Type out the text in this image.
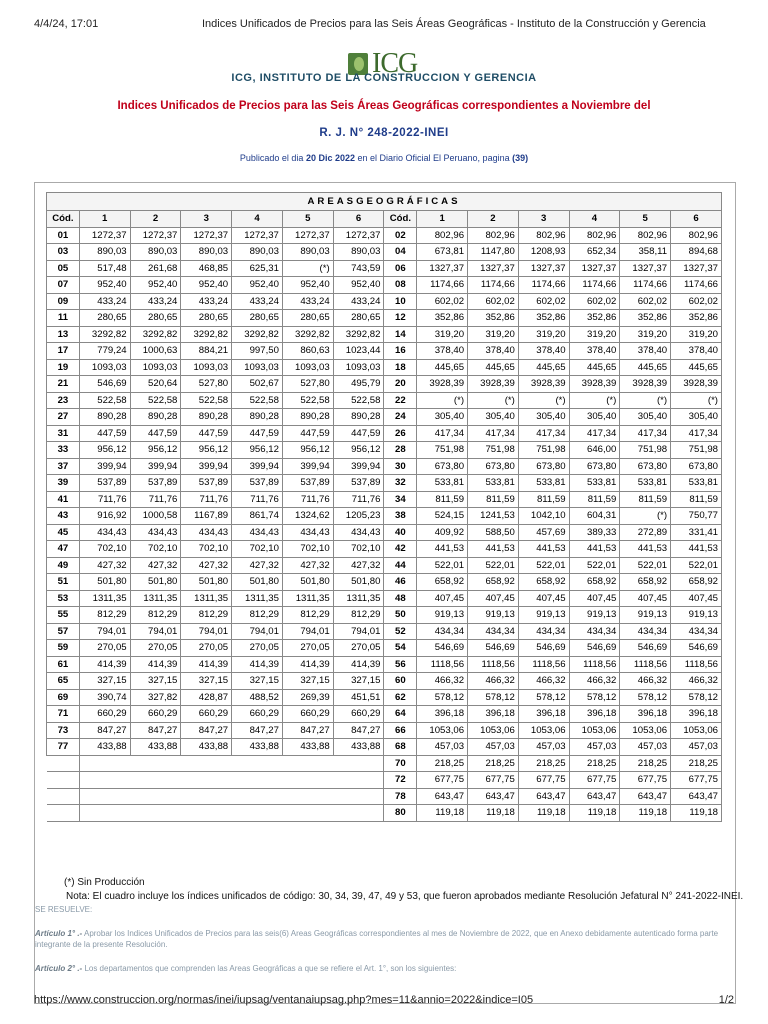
4/4/24, 17:01	Indices Unificados de Precios para las Seis Áreas Geográficas - Instituto de la Construcción y Gerencia
ICG
ICG, INSTITUTO DE LA CONSTRUCCION Y GERENCIA
Indices Unificados de Precios para las Seis Áreas Geográficas correspondientes a Noviembre del
R. J. N° 248-2022-INEI
Publicado el dia 20 Dic 2022 en el Diario Oficial El Peruano, pagina (39)
AREASGEOGRÁFICAS													
Cód.	1	2	3	4	5	6	Cód.	1	2	3	4	5	6
01	1272,37	1272,37	1272,37	1272,37	1272,37	1272,37	02	802,96	802,96	802,96	802,96	802,96	802,96
03	890,03	890,03	890,03	890,03	890,03	890,03	04	673,81	1147,80	1208,93	652,34	358,11	894,68
05	517,48	261,68	468,85	625,31	(*)	743,59	06	1327,37	1327,37	1327,37	1327,37	1327,37	1327,37
07	952,40	952,40	952,40	952,40	952,40	952,40	08	1174,66	1174,66	1174,66	1174,66	1174,66	1174,66
09	433,24	433,24	433,24	433,24	433,24	433,24	10	602,02	602,02	602,02	602,02	602,02	602,02
11	280,65	280,65	280,65	280,65	280,65	280,65	12	352,86	352,86	352,86	352,86	352,86	352,86
13	3292,82	3292,82	3292,82	3292,82	3292,82	3292,82	14	319,20	319,20	319,20	319,20	319,20	319,20
17	779,24	1000,63	884,21	997,50	860,63	1023,44	16	378,40	378,40	378,40	378,40	378,40	378,40
19	1093,03	1093,03	1093,03	1093,03	1093,03	1093,03	18	445,65	445,65	445,65	445,65	445,65	445,65
21	546,69	520,64	527,80	502,67	527,80	495,79	20	3928,39	3928,39	3928,39	3928,39	3928,39	3928,39
23	522,58	522,58	522,58	522,58	522,58	522,58	22	(*)	(*)	(*)	(*)	(*)	(*)
27	890,28	890,28	890,28	890,28	890,28	890,28	24	305,40	305,40	305,40	305,40	305,40	305,40
31	447,59	447,59	447,59	447,59	447,59	447,59	26	417,34	417,34	417,34	417,34	417,34	417,34
33	956,12	956,12	956,12	956,12	956,12	956,12	28	751,98	751,98	751,98	646,00	751,98	751,98
37	399,94	399,94	399,94	399,94	399,94	399,94	30	673,80	673,80	673,80	673,80	673,80	673,80
39	537,89	537,89	537,89	537,89	537,89	537,89	32	533,81	533,81	533,81	533,81	533,81	533,81
41	711,76	711,76	711,76	711,76	711,76	711,76	34	811,59	811,59	811,59	811,59	811,59	811,59
43	916,92	1000,58	1167,89	861,74	1324,62	1205,23	38	524,15	1241,53	1042,10	604,31	(*)	750,77
45	434,43	434,43	434,43	434,43	434,43	434,43	40	409,92	588,50	457,69	389,33	272,89	331,41
47	702,10	702,10	702,10	702,10	702,10	702,10	42	441,53	441,53	441,53	441,53	441,53	441,53
49	427,32	427,32	427,32	427,32	427,32	427,32	44	522,01	522,01	522,01	522,01	522,01	522,01
51	501,80	501,80	501,80	501,80	501,80	501,80	46	658,92	658,92	658,92	658,92	658,92	658,92
53	1311,35	1311,35	1311,35	1311,35	1311,35	1311,35	48	407,45	407,45	407,45	407,45	407,45	407,45
55	812,29	812,29	812,29	812,29	812,29	812,29	50	919,13	919,13	919,13	919,13	919,13	919,13
57	794,01	794,01	794,01	794,01	794,01	794,01	52	434,34	434,34	434,34	434,34	434,34	434,34
59	270,05	270,05	270,05	270,05	270,05	270,05	54	546,69	546,69	546,69	546,69	546,69	546,69
61	414,39	414,39	414,39	414,39	414,39	414,39	56	1118,56	1118,56	1118,56	1118,56	1118,56	1118,56
65	327,15	327,15	327,15	327,15	327,15	327,15	60	466,32	466,32	466,32	466,32	466,32	466,32
69	390,74	327,82	428,87	488,52	269,39	451,51	62	578,12	578,12	578,12	578,12	578,12	578,12
71	660,29	660,29	660,29	660,29	660,29	660,29	64	396,18	396,18	396,18	396,18	396,18	396,18
73	847,27	847,27	847,27	847,27	847,27	847,27	66	1053,06	1053,06	1053,06	1053,06	1053,06	1053,06
77	433,88	433,88	433,88	433,88	433,88	433,88	68	457,03	457,03	457,03	457,03	457,03	457,03
							70	218,25	218,25	218,25	218,25	218,25	218,25
							72	677,75	677,75	677,75	677,75	677,75	677,75
							78	643,47	643,47	643,47	643,47	643,47	643,47
							80	119,18	119,18	119,18	119,18	119,18	119,18
(*) Sin Producción
Nota: El cuadro incluye los índices unificados de código: 30, 34, 39, 47, 49 y 53, que fueron aprobados mediante Resolución Jefatural N° 241-2022-INEI.
SE RESUELVE:
Artículo 1° .- Aprobar los Indices Unificados de Precios para las seis(6) Areas Geográficas correspondientes al mes de Noviembre de 2022, que en Anexo debidamente autenticado forma parte integrante de la presente Resolución.
Artículo 2° .- Los departamentos que comprenden las Areas Geográficas a que se refiere el Art. 1°, son los siguientes:
https://www.construccion.org/normas/inei/iupsag/ventanaiupsag.php?mes=11&annio=2022&indice=I05	1/2
